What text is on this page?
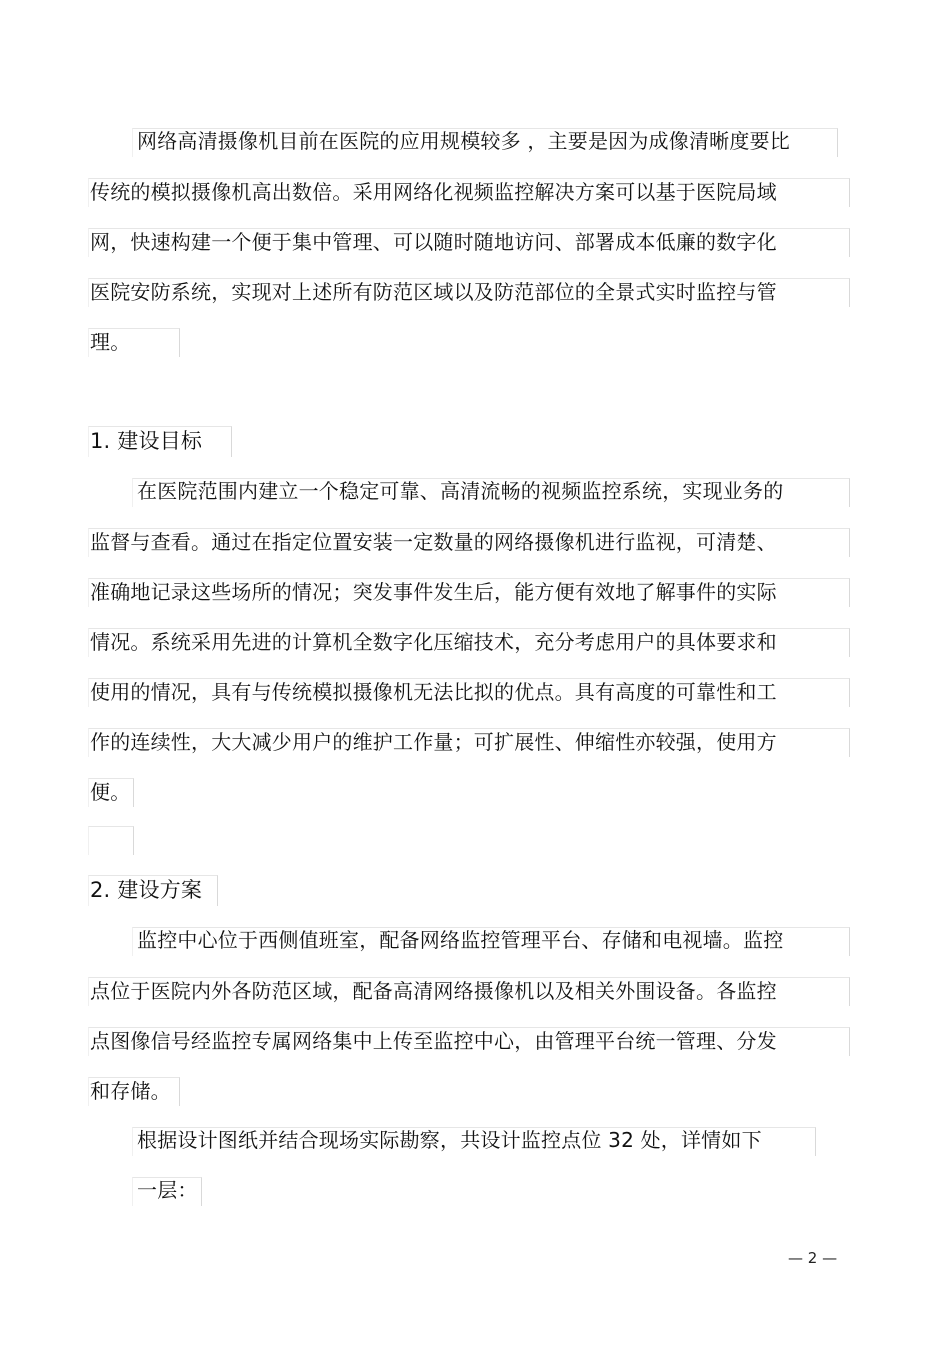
网络高清摄像机目前在医院的应用规模较多 ，主要是因为成像清晰度要比
传统的模拟摄像机高出数倍。采用网络化视频监控解决方案可以基于医院局域
网，快速构建一个便于集中管理、可以随时随地访问、部署成本低廉的数字化
医院安防系统，实现对上述所有防范区域以及防范部位的全景式实时监控与管
理。
1. 建设目标
在医院范围内建立一个稳定可靠、高清流畅的视频监控系统，实现业务的
监督与查看。通过在指定位置安装一定数量的网络摄像机进行监视，可清楚、
准确地记录这些场所的情况；突发事件发生后，能方便有效地了解事件的实际
情况。系统采用先进的计算机全数字化压缩技术，充分考虑用户的具体要求和
使用的情况，具有与传统模拟摄像机无法比拟的优点。具有高度的可靠性和工
作的连续性，大大减少用户的维护工作量；可扩展性、伸缩性亦较强，使用方
便。
2. 建设方案
监控中心位于西侧值班室，配备网络监控管理平台、存储和电视墙。监控
点位于医院内外各防范区域，配备高清网络摄像机以及相关外围设备。各监控
点图像信号经监控专属网络集中上传至监控中心，由管理平台统一管理、分发
和存储。
根据设计图纸并结合现场实际勘察，共设计监控点位 32 处，详情如下
一层：
— 2 —
